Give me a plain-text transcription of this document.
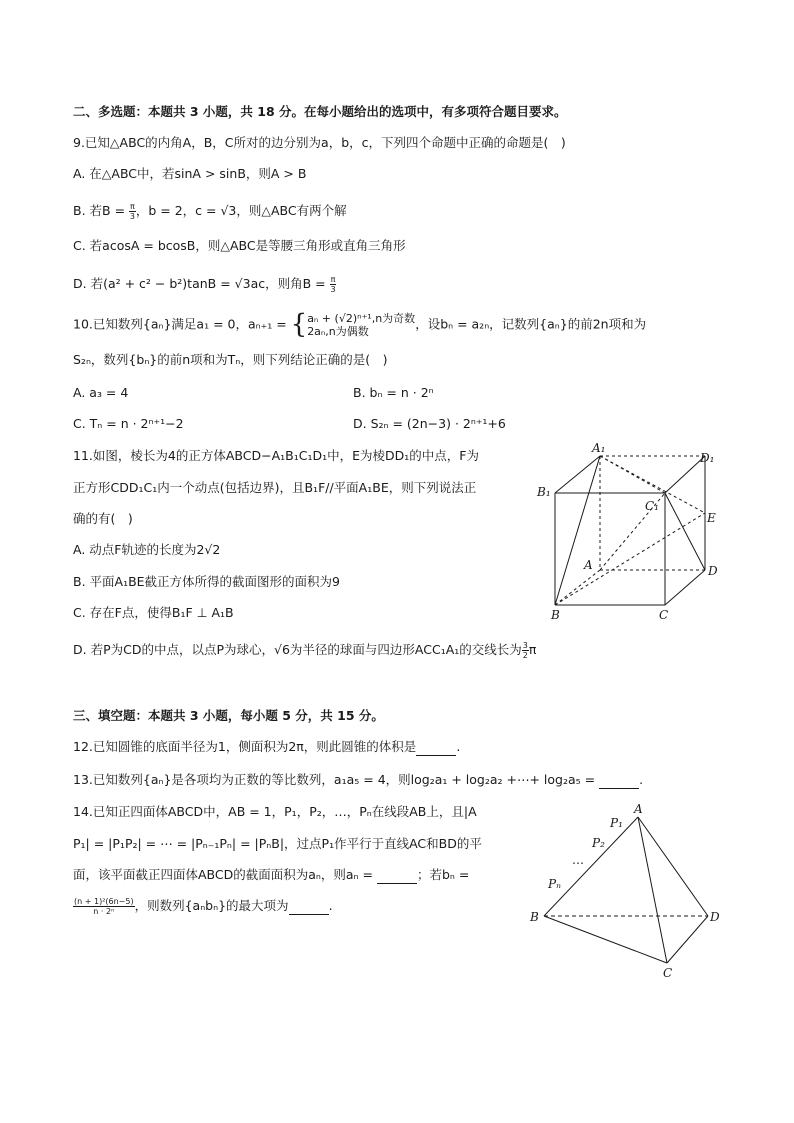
二、多选题：本题共 3 小题，共 18 分。在每小题给出的选项中，有多项符合题目要求。
9.已知△ABC的内角A，B，C所对的边分别为a，b，c，下列四个命题中正确的命题是(　)
A. 在△ABC中，若sinA > sinB，则A > B
B. 若$B = \frac{\pi}{3}$ ，b = 2，c = √3，则△ABC有两个解
C. 若acosA = bcosB，则△ABC是等腰三角形或直角三角形
D. 若(a² + c² − b²)tanB = √3ac，则角$B = \frac{\pi}{3}$
10.已知数列{aₙ}满足a₁ = 0，aₙ₊₁ = { aₙ + (√2)ⁿ⁺¹,n为奇数
2aₙ,n为偶数	，设bₙ = a₂ₙ，记数列{aₙ}的前2n项和为
S₂ₙ，数列{bₙ}的前n项和为Tₙ，则下列结论正确的是(　)
A. a₃ = 4	B. bₙ = n · 2ⁿ
C. Tₙ = n · 2ⁿ⁺¹−2	D. S₂ₙ = (2n−3) · 2ⁿ⁺¹+6
11.如图，棱长为4的正方体ABCD−A₁B₁C₁D₁中，E为棱DD₁的中点，F为
正方形CDD₁C₁内一个动点(包括边界)，且B₁F//平面A₁BE，则下列说法正
确的有(　)
A. 动点F轨迹的长度为2√2
B. 平面A₁BE截正方体所得的截面图形的面积为9
C. 存在F点，使得B₁F ⊥ A₁B
D. 若P为CD的中点，以点P为球心，√6为半径的球面与四边形ACC₁A₁的交线长为 $\frac{3}{2}$ π
A₁
D₁
B₁
C₁
E
A	D
B	C
三、填空题：本题共 3 小题，每小题 5 分，共 15 分。
12.已知圆锥的底面半径为1，侧面积为2π，则此圆锥的体积是	.
13.已知数列{aₙ}是各项均为正数的等比数列，a₁a₅ = 4，则log₂a₁ + log₂a₂ +⋯+ log₂a₅ =	.
14.已知正四面体ABCD中，AB = 1，P₁，P₂，…，Pₙ在线段AB上，且|A
P₁| = |P₁P₂| = ⋯ = |Pₙ₋₁Pₙ| = |PₙB|，过点P₁作平行于直线AC和BD的平
面，该平面截正四面体ABCD的截面面积为aₙ，则aₙ =	；若bₙ =
$\frac{\text{(n + 1)²(6n−5)}}{\text{n · 2ⁿ}}$ ，则数列{aₙbₙ}的最大项为	.
A
P₁
P₂
…
Pₙ
B	D
C
